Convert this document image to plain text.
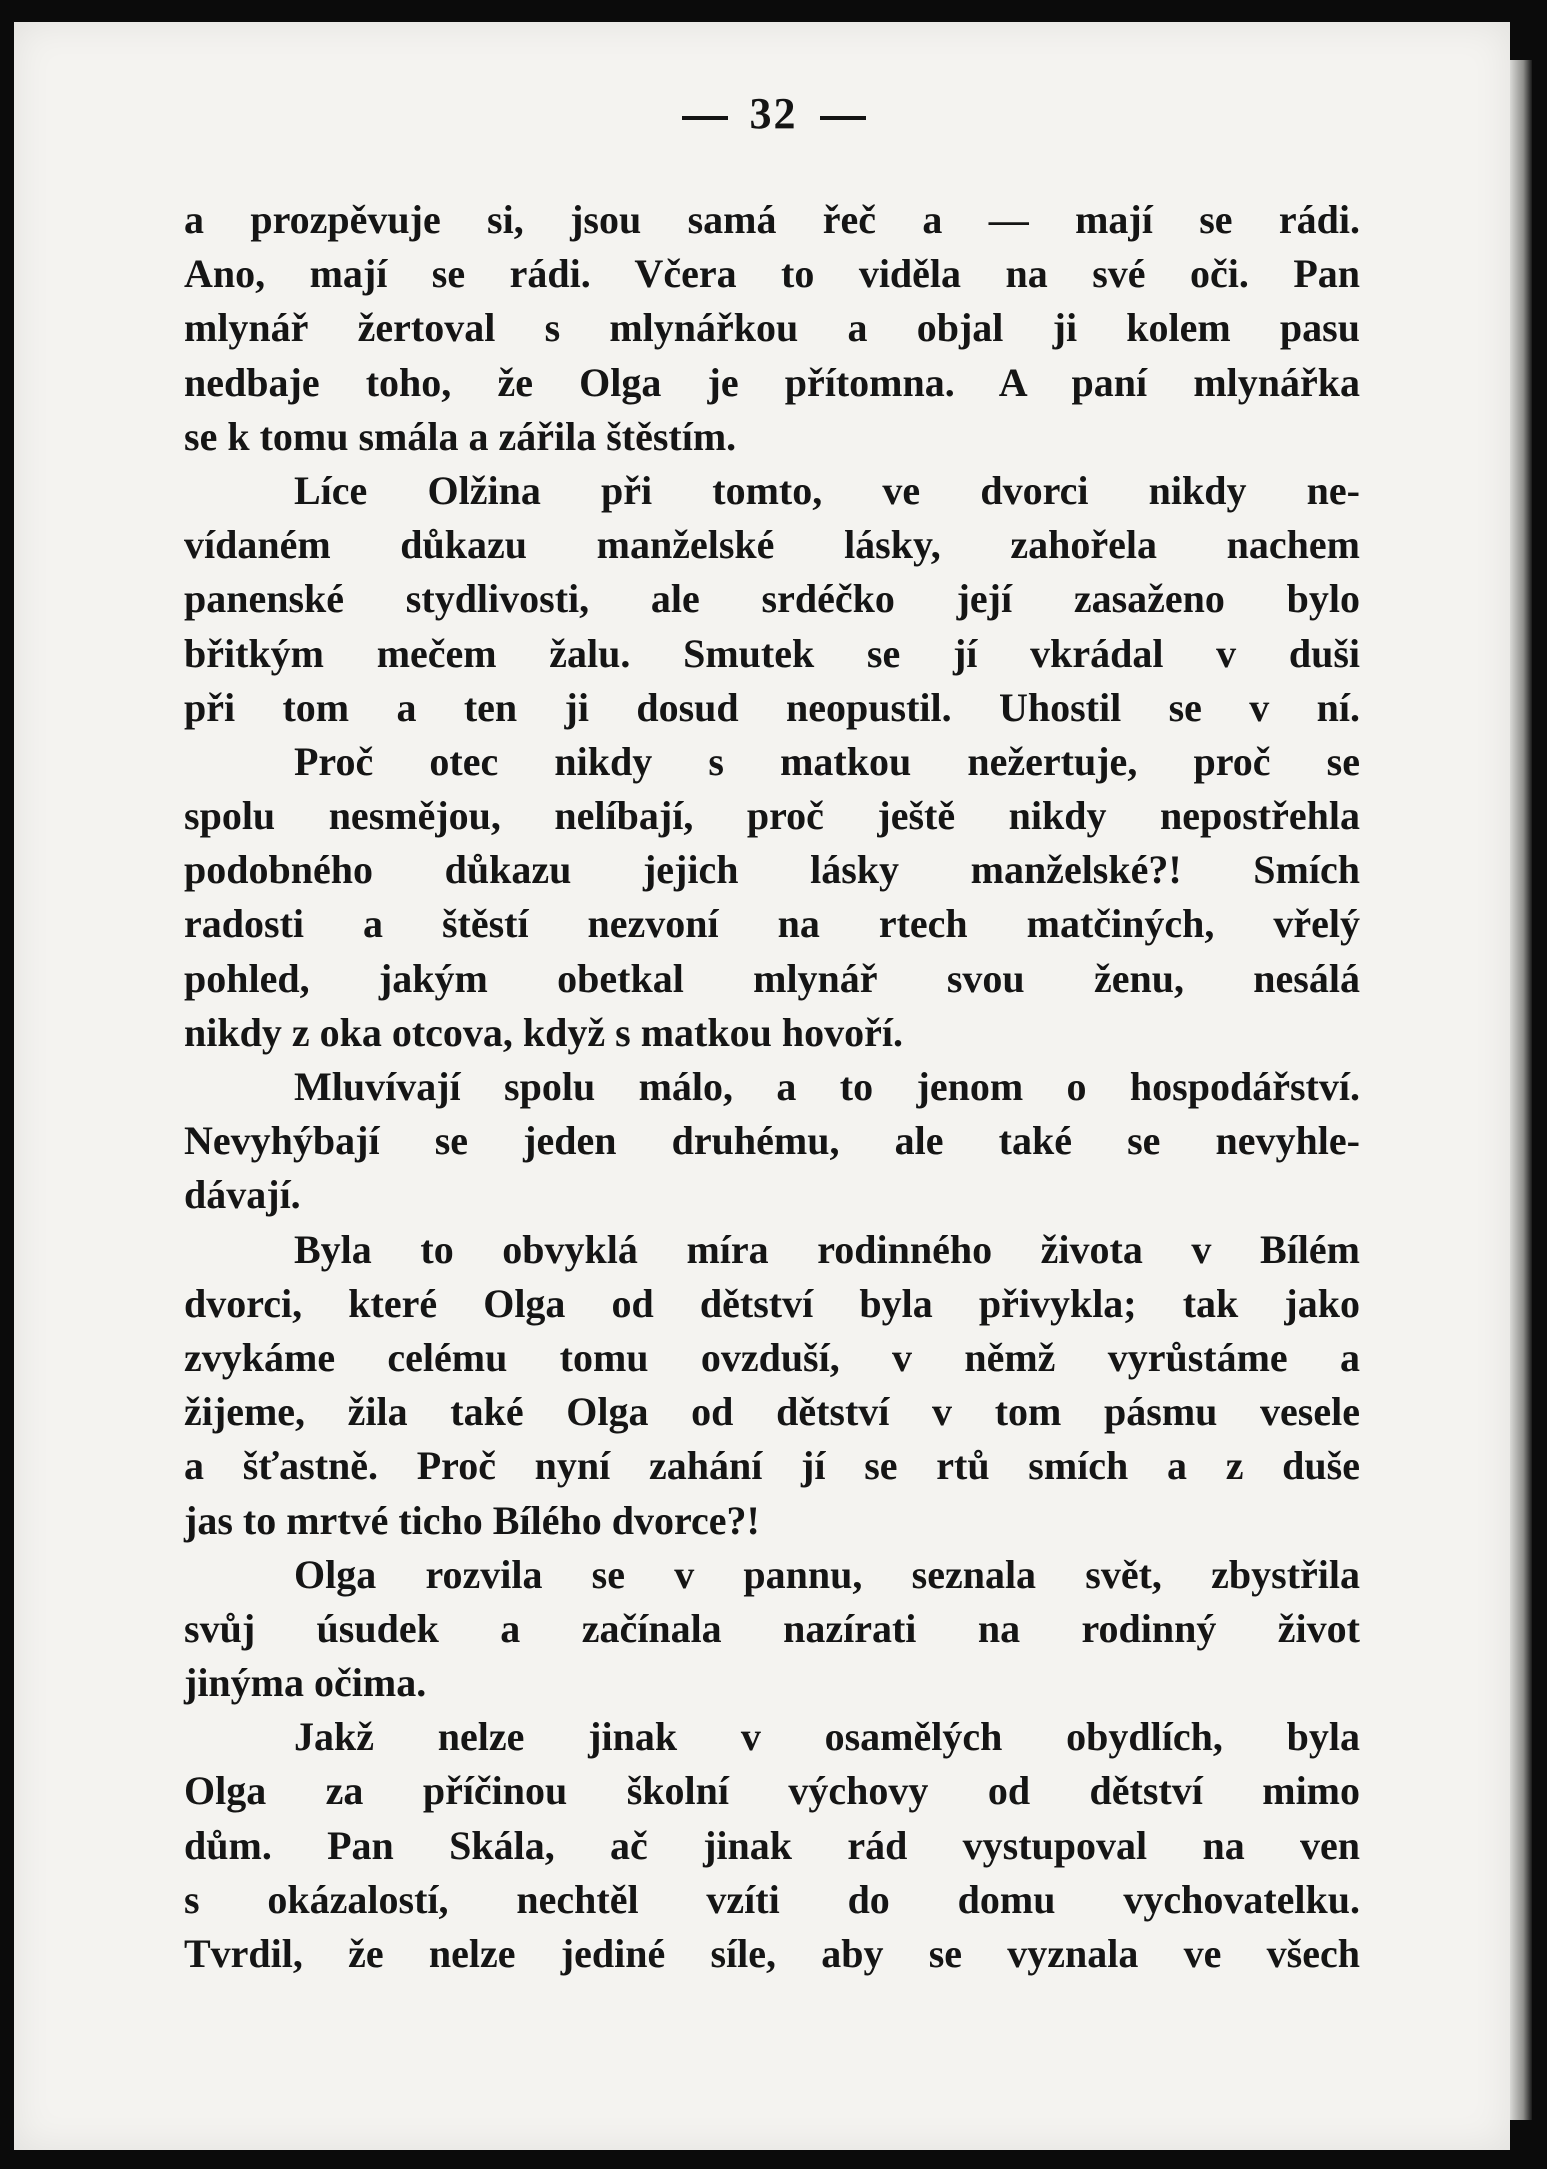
32
a prozpěvuje si, jsou samá řeč a — mají se rádi.
Ano, mají se rádi. Včera to viděla na své oči. Pan
mlynář žertoval s mlynářkou a objal ji kolem pasu
nedbaje toho, že Olga je přítomna. A paní mlynářka
se k tomu smála a zářila štěstím.
Líce Olžina při tomto, ve dvorci nikdy ne-
vídaném důkazu manželské lásky, zahořela nachem
panenské stydlivosti, ale srdéčko její zasaženo bylo
břitkým mečem žalu. Smutek se jí vkrádal v duši
při tom a ten ji dosud neopustil. Uhostil se v ní.
Proč otec nikdy s matkou nežertuje, proč se
spolu nesmějou, nelíbají, proč ještě nikdy nepostřehla
podobného důkazu jejich lásky manželské?! Smích
radosti a štěstí nezvoní na rtech matčiných, vřelý
pohled, jakým obetkal mlynář svou ženu, nesálá
nikdy z oka otcova, když s matkou hovoří.
Mluvívají spolu málo, a to jenom o hospodářství.
Nevyhýbají se jeden druhému, ale také se nevyhle-
dávají.
Byla to obvyklá míra rodinného života v Bílém
dvorci, které Olga od dětství byla přivykla; tak jako
zvykáme celému tomu ovzduší, v němž vyrůstáme a
žijeme, žila také Olga od dětství v tom pásmu vesele
a šťastně. Proč nyní zahání jí se rtů smích a z duše
jas to mrtvé ticho Bílého dvorce?!
Olga rozvila se v pannu, seznala svět, zbystřila
svůj úsudek a začínala nazírati na rodinný život
jinýma očima.
Jakž nelze jinak v osamělých obydlích, byla
Olga za příčinou školní výchovy od dětství mimo
dům. Pan Skála, ač jinak rád vystupoval na ven
s okázalostí, nechtěl vzíti do domu vychovatelku.
Tvrdil, že nelze jediné síle, aby se vyznala ve všech
